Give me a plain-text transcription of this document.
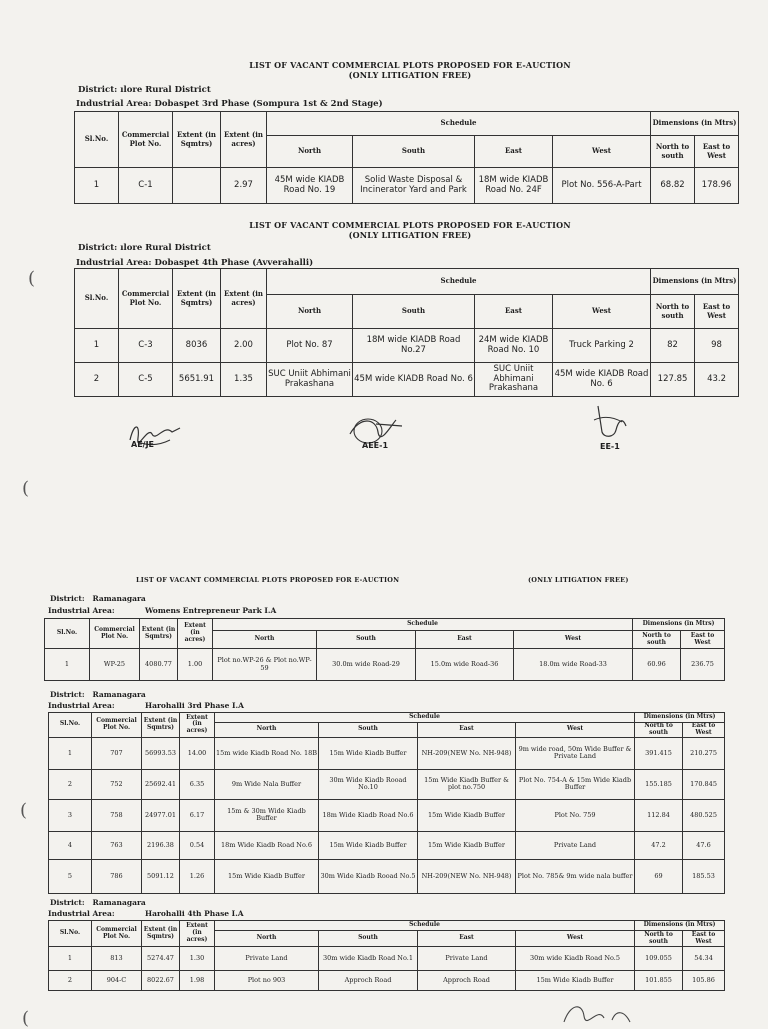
(
(
(
(
LIST OF VACANT COMMERCIAL PLOTS PROPOSED FOR E-AUCTION
(ONLY LITIGATION FREE)
District: ılore Rural District
Industrial Area: Dobaspet 3rd Phase (Sompura 1st & 2nd Stage)
Sl.No.	Commercial Plot No.	Extent (in Sqmtrs)	Extent (in acres)	Schedule				Dimensions (in Mtrs)	
				North	South	East	West	North to south	East to West
1	C-1		2.97	45M wide KIADB Road No. 19	Solid Waste Disposal & Incinerator Yard and Park	18M wide KIADB Road No. 24F	Plot No. 556-A-Part	68.82	178.96
LIST OF VACANT COMMERCIAL PLOTS PROPOSED FOR E-AUCTION
(ONLY LITIGATION FREE)
District: ılore Rural District
Industrial Area: Dobaspet 4th Phase (Avverahalli)
Sl.No.	Commercial Plot No.	Extent (in Sqmtrs)	Extent (in acres)	Schedule				Dimensions (in Mtrs)	
				North	South	East	West	North to south	East to West
1	C-3	8036	2.00	Plot No. 87	18M wide KIADB Road No.27	24M wide KIADB Road No. 10	Truck Parking 2	82	98
2	C-5	5651.91	1.35	SUC Uniit Abhimani Prakashana	45M wide KIADB Road No. 6	SUC Uniit Abhimani Prakashana	45M wide KIADB Road No. 6	127.85	43.2
AE/JE	AEE-1	EE-1
LIST OF VACANT COMMERCIAL PLOTS PROPOSED FOR E-AUCTION	(ONLY LITIGATION FREE)
District: Ramanagara
Industrial Area:	Womens Entrepreneur Park I.A
Sl.No.	Commercial Plot No.	Extent (in Sqmtrs)	Extent (in acres)	Schedule				Dimensions (in Mtrs)	
				North	South	East	West	North to south	East to West
1	WP-25	4080.77	1.00	Plot no.WP-26 & Plot no.WP-59	30.0m wide Road-29	15.0m wide Road-36	18.0m wide Road-33	60.96	236.75
District: Ramanagara
Industrial Area:	Harohalli 3rd Phase I.A
Sl.No.	Commercial Plot No.	Extent (in Sqmtrs)	Extent (in acres)	Schedule				Dimensions (in Mtrs)	
				North	South	East	West	North to south	East to West
1	707	56993.53	14.00	15m wide Kiadb Road No. 18B	15m Wide Kiadb Buffer	NH-209(NEW No. NH-948)	9m wide road, 50m Wide Buffer & Private Land	391.415	210.275
2	752	25692.41	6.35	9m Wide Nala Buffer	30m Wide Kiadb Rooad No.10	15m Wide Kiadb Buffer & plot no.750	Plot No. 754-A & 15m Wide Kiadb Buffer	155.185	170.845
3	758	24977.01	6.17	15m & 30m Wide Kiadb Buffer	18m Wide Kiadb Road No.6	15m Wide Kiadb Buffer	Plot No. 759	112.84	480.525
4	763	2196.38	0.54	18m Wide Kiadb Road No.6	15m Wide Kiadb Buffer	15m Wide Kiadb Buffer	Private Land	47.2	47.6
5	786	5091.12	1.26	15m Wide Kiadb Buffer	30m Wide Kiadb Rooad No.5	NH-209(NEW No. NH-948)	Plot No. 785& 9m wide nala buffer	69	185.53
District: Ramanagara
Industrial Area:	Harohalli 4th Phase I.A
Sl.No.	Commercial Plot No.	Extent (in Sqmtrs)	Extent (in acres)	Schedule				Dimensions (in Mtrs)	
				North	South	East	West	North to south	East to West
1	813	5274.47	1.30	Private Land	30m wide Kiadb Road No.1	Private Land	30m wide Kiadb Road No.5	109.055	54.34
2	904-C	8022.67	1.98	Plot no 903	Approch Road	Approch Road	15m Wide Kiadb Buffer	101.855	105.86
